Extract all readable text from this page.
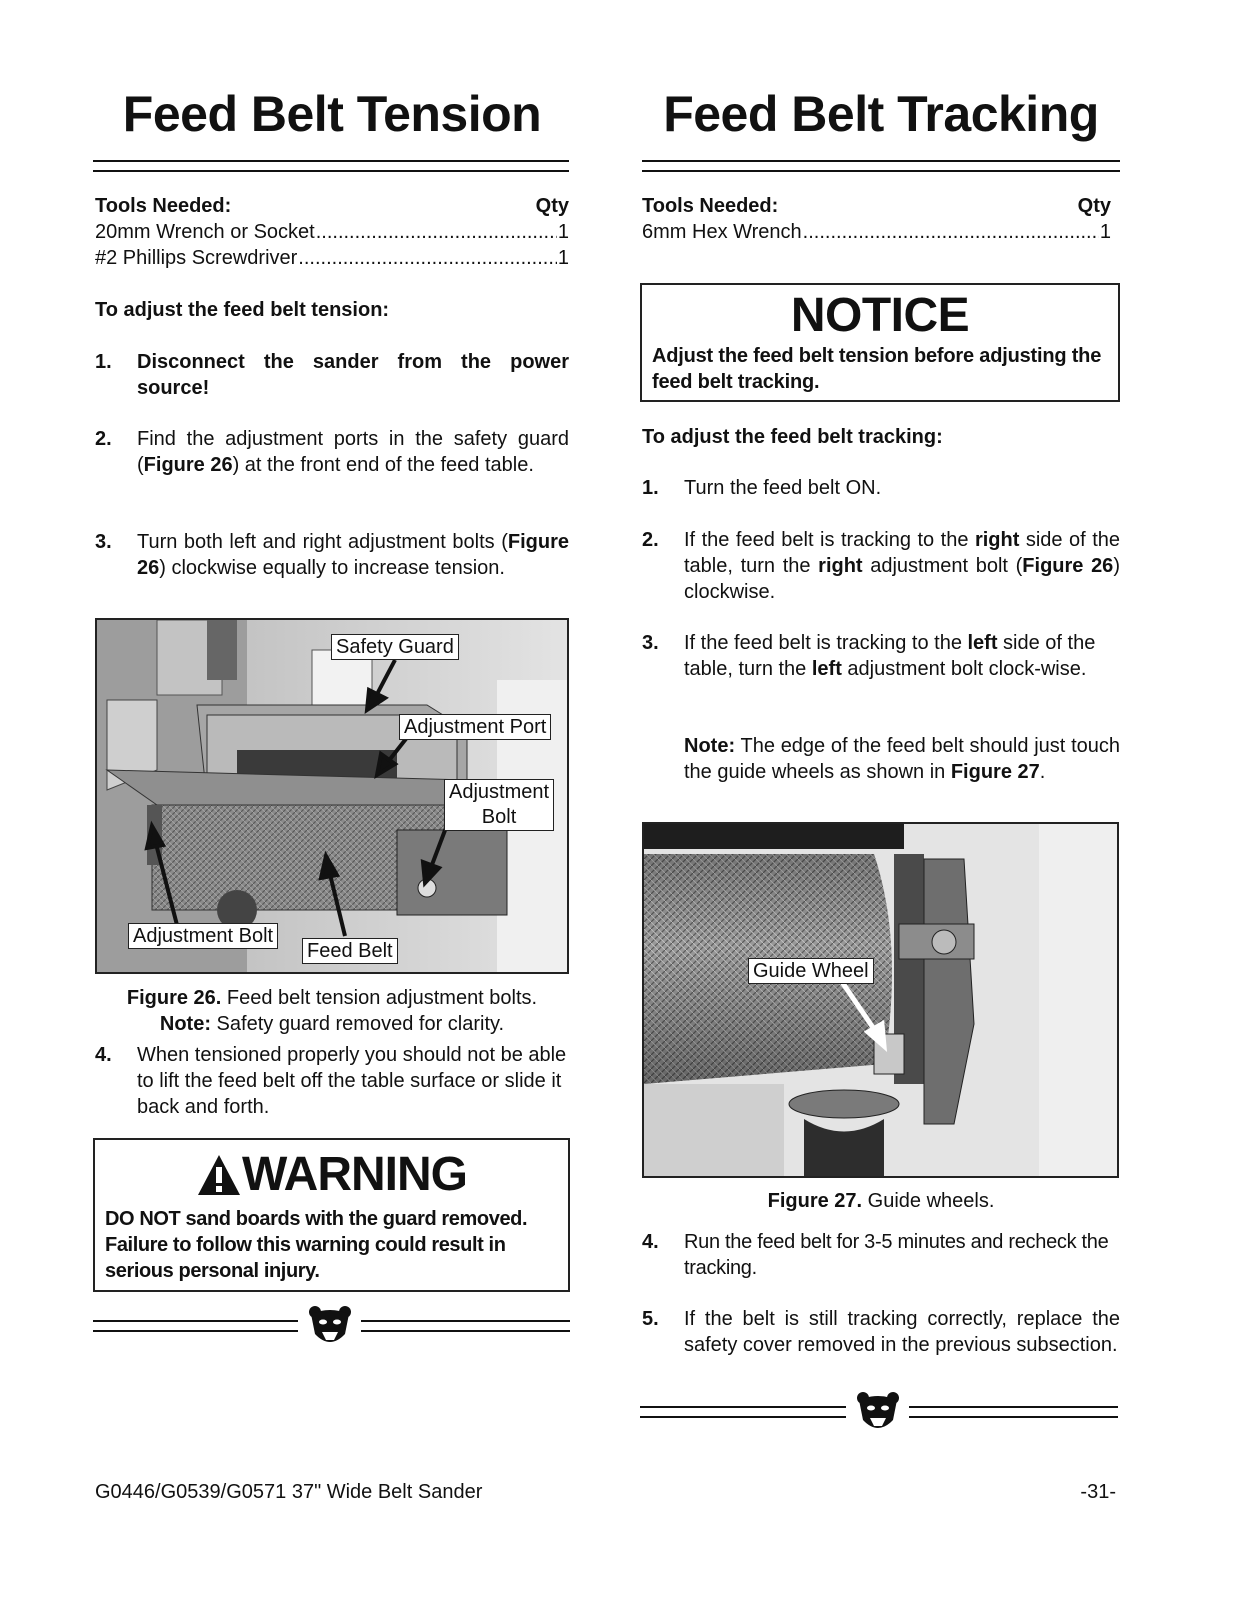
Feed Belt Tension
Tools Needed:	Qty
20mm Wrench or Socket .....	1
#2 Phillips Screwdriver .....	1
To adjust the feed belt tension:
1. Disconnect the sander from the power source!
2. Find the adjustment ports in the safety guard (Figure 26) at the front end of the feed table.
3. Turn both left and right adjustment bolts (Figure 26) clockwise equally to increase tension.
Safety Guard
Adjustment Port
Adjustment
Bolt
Adjustment Bolt
Feed Belt
Figure 26. Feed belt tension adjustment bolts.
Note: Safety guard removed for clarity.
4. When tensioned properly you should not be able to lift the feed belt off the table surface or slide it back and forth.
WARNING
DO NOT sand boards with the guard removed. Failure to follow this warning could result in serious personal injury.
Feed Belt Tracking
Tools Needed:	Qty
6mm Hex Wrench .....	1
NOTICE
Adjust the feed belt tension before adjusting the feed belt tracking.
To adjust the feed belt tracking:
1. Turn the feed belt ON.
2. If the feed belt is tracking to the right side of the table, turn the right adjustment bolt (Figure 26) clockwise.
3. If the feed belt is tracking to the left side of the table, turn the left adjustment bolt clock-wise.
Note: The edge of the feed belt should just touch the guide wheels as shown in Figure 27.
Guide Wheel
Figure 27. Guide wheels.
4. Run the feed belt for 3-5 minutes and recheck the tracking.
5. If the belt is still tracking correctly, replace the safety cover removed in the previous subsection.
G0446/G0539/G0571 37" Wide Belt Sander	-31-
